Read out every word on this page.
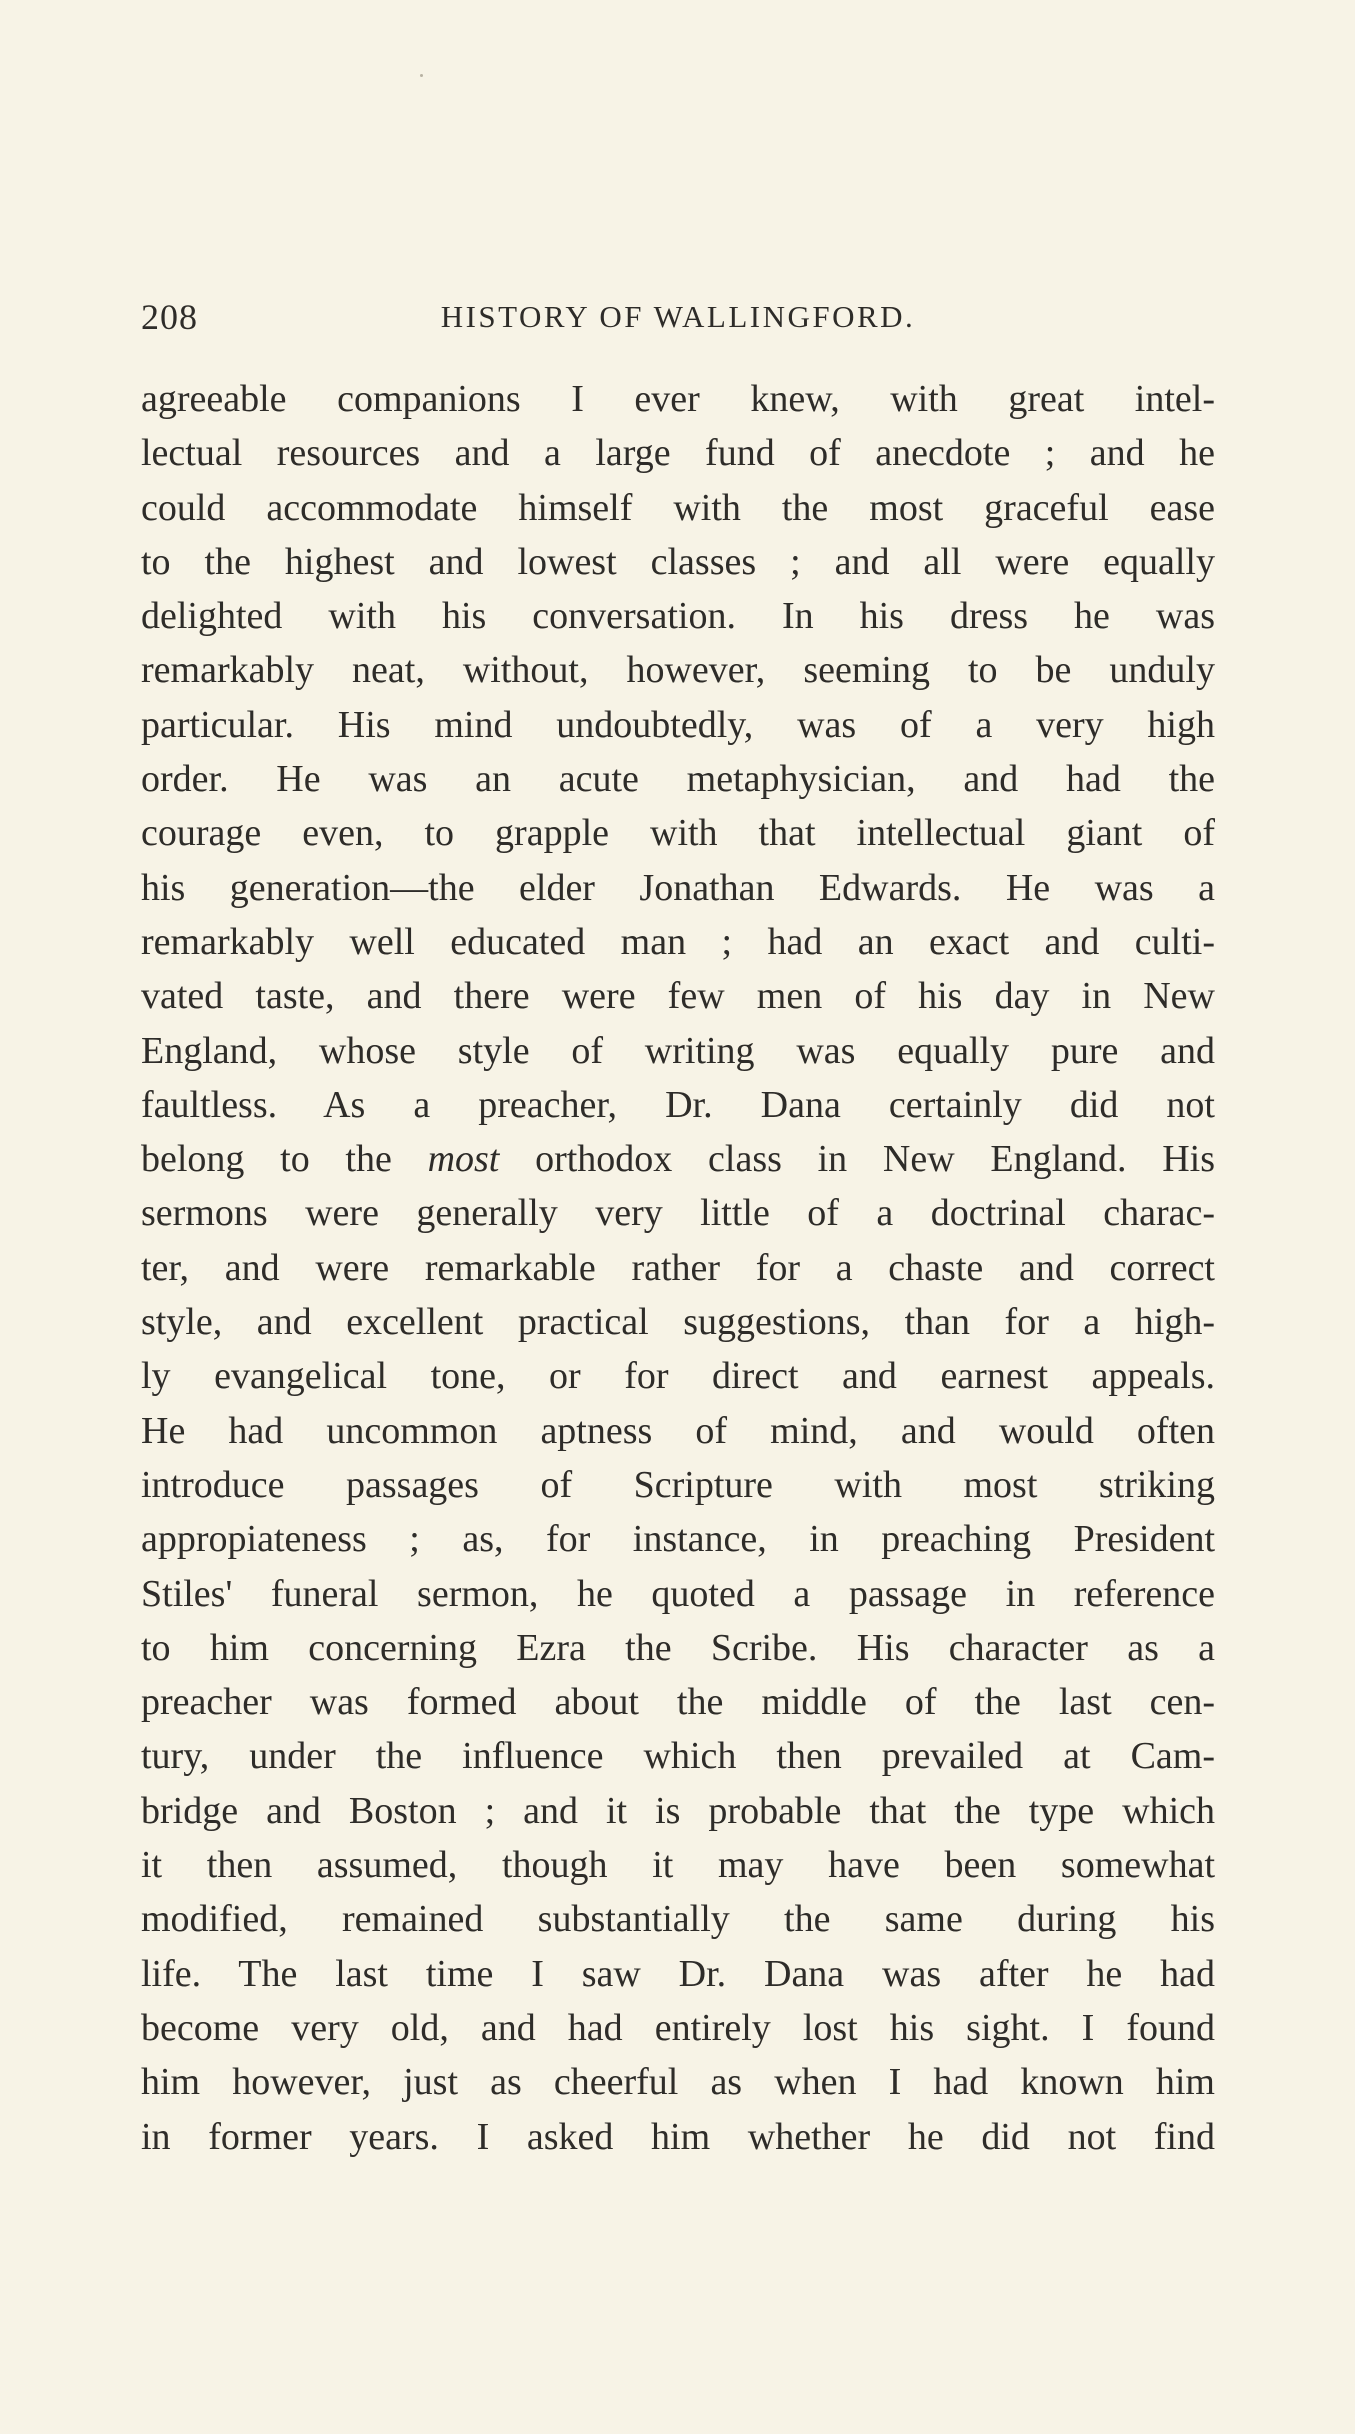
208	HISTORY OF WALLINGFORD.
agreeable companions I ever knew, with great intel-
lectual resources and a large fund of anecdote ; and he
could accommodate himself with the most graceful ease
to the highest and lowest classes ; and all were equally
delighted with his conversation. In his dress he was
remarkably neat, without, however, seeming to be unduly
particular. His mind undoubtedly, was of a very high
order. He was an acute metaphysician, and had the
courage even, to grapple with that intellectual giant of
his generation—the elder Jonathan Edwards. He was a
remarkably well educated man ; had an exact and culti-
vated taste, and there were few men of his day in New
England, whose style of writing was equally pure and
faultless. As a preacher, Dr. Dana certainly did not
belong to the most orthodox class in New England. His
sermons were generally very little of a doctrinal charac-
ter, and were remarkable rather for a chaste and correct
style, and excellent practical suggestions, than for a high-
ly evangelical tone, or for direct and earnest appeals.
He had uncommon aptness of mind, and would often
introduce passages of Scripture with most striking
appropiateness ; as, for instance, in preaching President
Stiles' funeral sermon, he quoted a passage in reference
to him concerning Ezra the Scribe. His character as a
preacher was formed about the middle of the last cen-
tury, under the influence which then prevailed at Cam-
bridge and Boston ; and it is probable that the type which
it then assumed, though it may have been somewhat
modified, remained substantially the same during his
life. The last time I saw Dr. Dana was after he had
become very old, and had entirely lost his sight. I found
him however, just as cheerful as when I had known him
in former years. I asked him whether he did not find
